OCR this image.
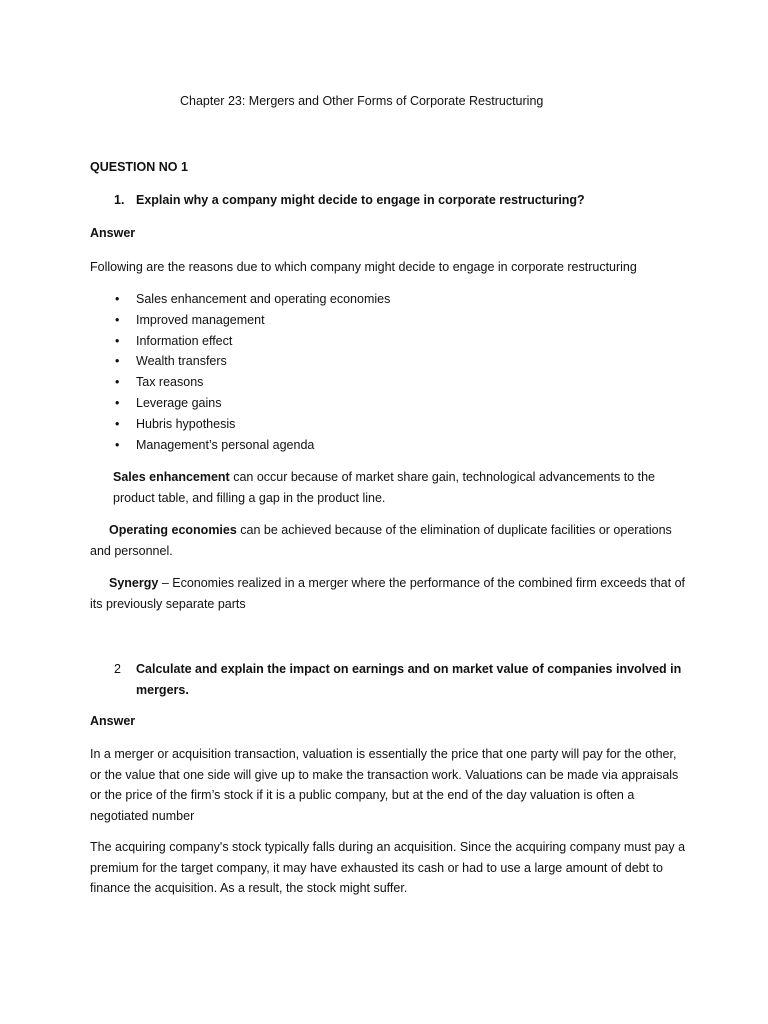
Chapter 23: Mergers and Other Forms of Corporate Restructuring
QUESTION NO 1
1. Explain why a company might decide to engage in corporate restructuring?
Answer
Following are the reasons due to which company might decide to engage in corporate restructuring
• Sales enhancement and operating economies
• Improved management
• Information effect
• Wealth transfers
• Tax reasons
• Leverage gains
• Hubris hypothesis
• Management’s personal agenda
Sales enhancement can occur because of market share gain, technological advancements to the product table, and filling a gap in the product line.
Operating economies can be achieved because of the elimination of duplicate facilities or operations and personnel.
Synergy – Economies realized in a merger where the performance of the combined firm exceeds that of its previously separate parts
2 Calculate and explain the impact on earnings and on market value of companies involved in mergers.
Answer
In a merger or acquisition transaction, valuation is essentially the price that one party will pay for the other, or the value that one side will give up to make the transaction work. Valuations can be made via appraisals or the price of the firm’s stock if it is a public company, but at the end of the day valuation is often a negotiated number
The acquiring company's stock typically falls during an acquisition. Since the acquiring company must pay a premium for the target company, it may have exhausted its cash or had to use a large amount of debt to finance the acquisition. As a result, the stock might suffer.
